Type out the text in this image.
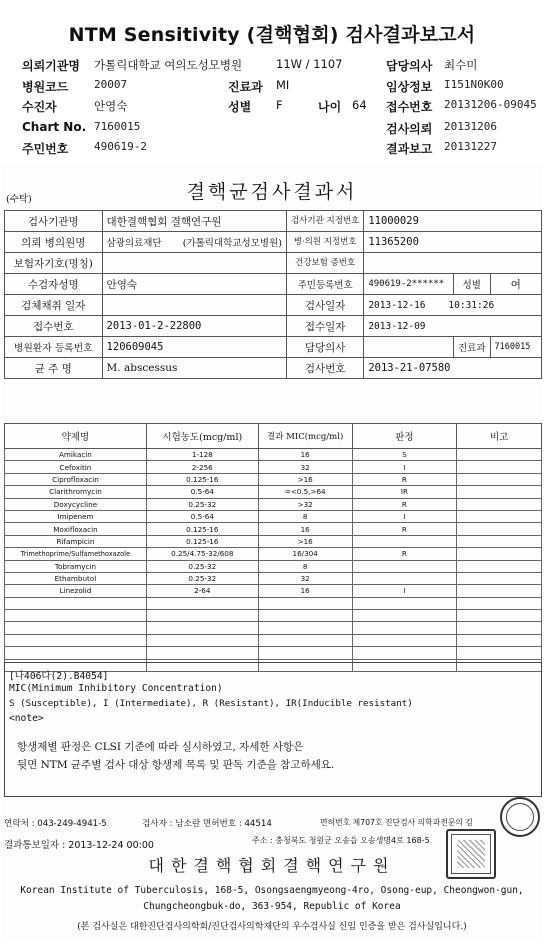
NTM Sensitivity (결핵협회) 검사결과보고서
의뢰기관명 가톨릭대학교 여의도성모병원	11W / 1107	담당의사 최수미
병원코드 20007	진료과 MI	임상정보 I151N0K00
수진자	안영숙	성별 F	나이 64 접수번호 20131206-09045
Chart No. 7160015	검사의뢰 20131206
주민번호 490619-2	결과보고 20131227
(수탁)	결핵균검사결과서
검사기관명	대한결핵협회 결핵연구원	검사기관 지정번호	11000029		
의뢰 병의원명	삼광의료재단 (가톨릭대학교성모병원)	병·의원 지정번호	11365200		
보험자기호(명칭)		건강보험 증번호			
수검자성명	안영숙	주민등록번호	490619-2******	성별	여
검체채취 일자		검사일자	2013-12-16 10:31:26		
접수번호	2013-01-2-22800	접수일자	2013-12-09		
병원환자 등록번호	120609045	담당의사		진료과	7160015
균 주 명	M. abscessus	검사번호	2013-21-07580		
약제명	시험농도(mcg/ml)	결과 MIC(mcg/ml)	판정	비고
Amikacin	1-128	16	S	
Cefoxitin	2-256	32	I	
Ciprofloxacin	0.125-16	>16	R	
Clarithromycin	0.5-64	=<0.5,>64	IR	
Doxycycline	0.25-32	>32	R	
Imipenem	0.5-64	8	I	
Moxifloxacin	0.125-16	16	R	
Rifampicin	0.125-16	>16		
Trimethoprime/Sulfamethoxazole	0.25/4.75-32/608	16/304	R	
Tobramycin	0.25-32	8		
Ethambutol	0.25-32	32		
Linezolid	2-64	16	I	

[나406다(2).B4054]
MIC(Minimum Inhibitory Concentration)
S (Susceptible), I (Intermediate), R (Resistant), IR(Inducible resistant)
<note>
항생제별 판정은 CLSI 기준에 따라 실시하였고, 자세한 사항은
뒷면 NTM 균주별 검사 대상 항생제 목록 및 판독 기준을 참고하세요.
연락처 : 043-249-4941-5	검사자 : 남소란 면허번호 : 44514	면허번호 제707호 진단검사 의학과전문의 김
결과통보일자 : 2013-12-24 00:00	주소 : 충청북도 청원군 오송읍 오송생명4로 168-5
대한결핵협회결핵연구원
Korean Institute of Tuberculosis, 168-5, Osongsaengmyeong-4ro, Osong-eup, Cheongwon-gun,
Chungcheongbuk-do, 363-954, Republic of Korea
(본 검사실은 대한진단검사의학회/진단검사의학재단의 우수검사실 신임 인증을 받은 검사실입니다.)
